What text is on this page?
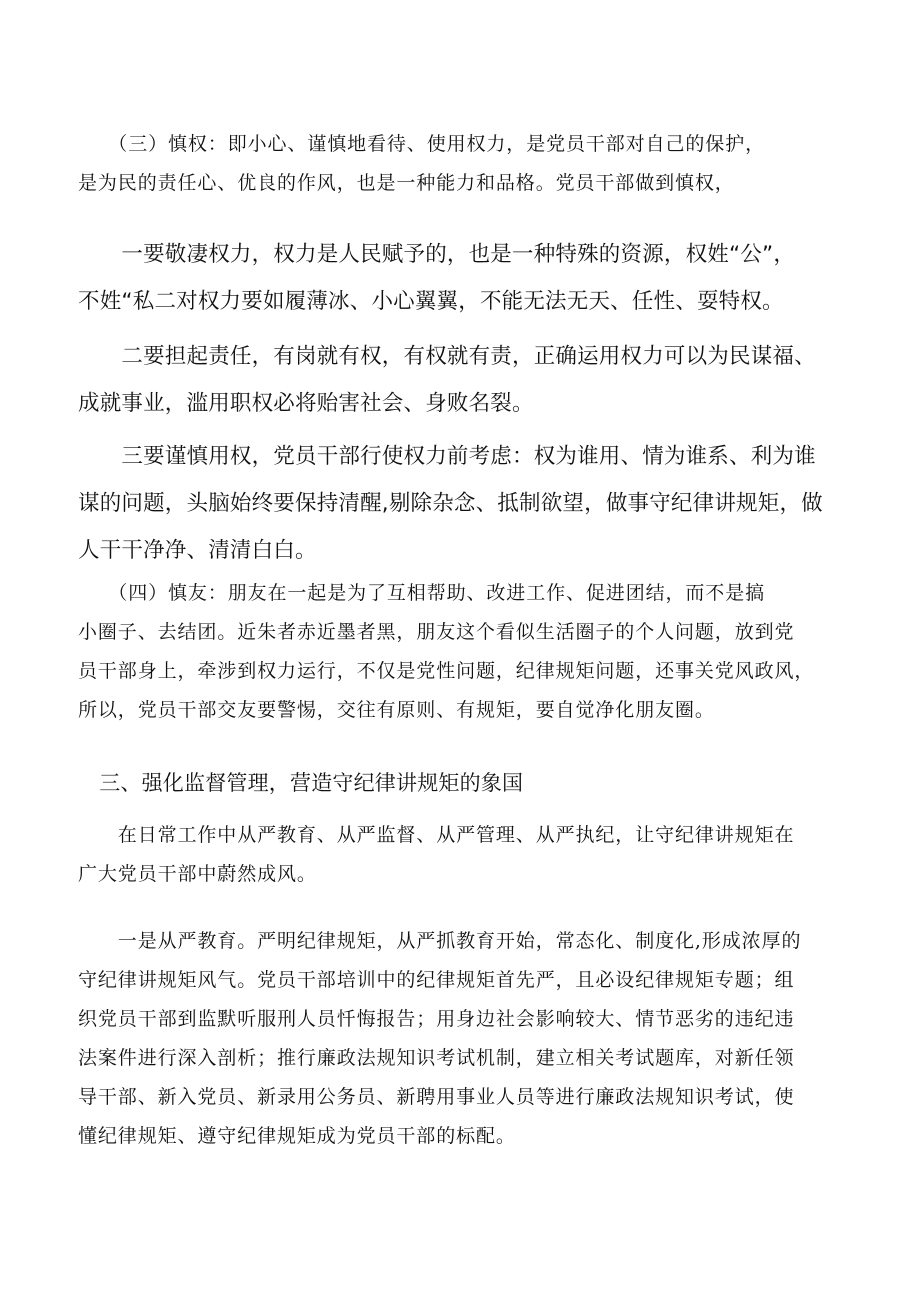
　　（三）慎权：即小心、谨慎地看待、使用权力，是党员干部对自己的保护，
是为民的责任心、优良的作风，也是一种能力和品格。党员干部做到慎权，

　　一要敬凄权力，权力是人民赋予的，也是一种特殊的资源，权姓“公”，
不姓“私二对权力要如履薄冰、小心翼翼，不能无法无天、任性、耍特权。

　　二要担起责任，有岗就有权，有权就有责，正确运用权力可以为民谋福、
成就事业，滥用职权必将贻害社会、身败名裂。

　　三要谨慎用权，党员干部行使权力前考虑：权为谁用、情为谁系、利为谁
谋的问题，头脑始终要保持清醒,剔除杂念、抵制欲望，做事守纪律讲规矩，做
人干干净净、清清白白。

　　（四）慎友：朋友在一起是为了互相帮助、改进工作、促进团结，而不是搞
小圈子、去结团。近朱者赤近墨者黑，朋友这个看似生活圈子的个人问题，放到党
员干部身上，牵涉到权力运行，不仅是党性问题，纪律规矩问题，还事关党风政风，
所以，党员干部交友要警惕，交往有原则、有规矩，要自觉净化朋友圈。

　三、强化监督管理，营造守纪律讲规矩的象国

　　在日常工作中从严教育、从严监督、从严管理、从严执纪，让守纪律讲规矩在
广大党员干部中蔚然成风。

　　一是从严教育。严明纪律规矩，从严抓教育开始，常态化、制度化,形成浓厚的
守纪律讲规矩风气。党员干部培训中的纪律规矩首先严，且必设纪律规矩专题；组
织党员干部到监默听服刑人员忏悔报告；用身边社会影响较大、情节恶劣的违纪违
法案件进行深入剖析；推行廉政法规知识考试机制，建立相关考试题库，对新任领
导干部、新入党员、新录用公务员、新聘用事业人员等进行廉政法规知识考试，使
懂纪律规矩、遵守纪律规矩成为党员干部的标配。
